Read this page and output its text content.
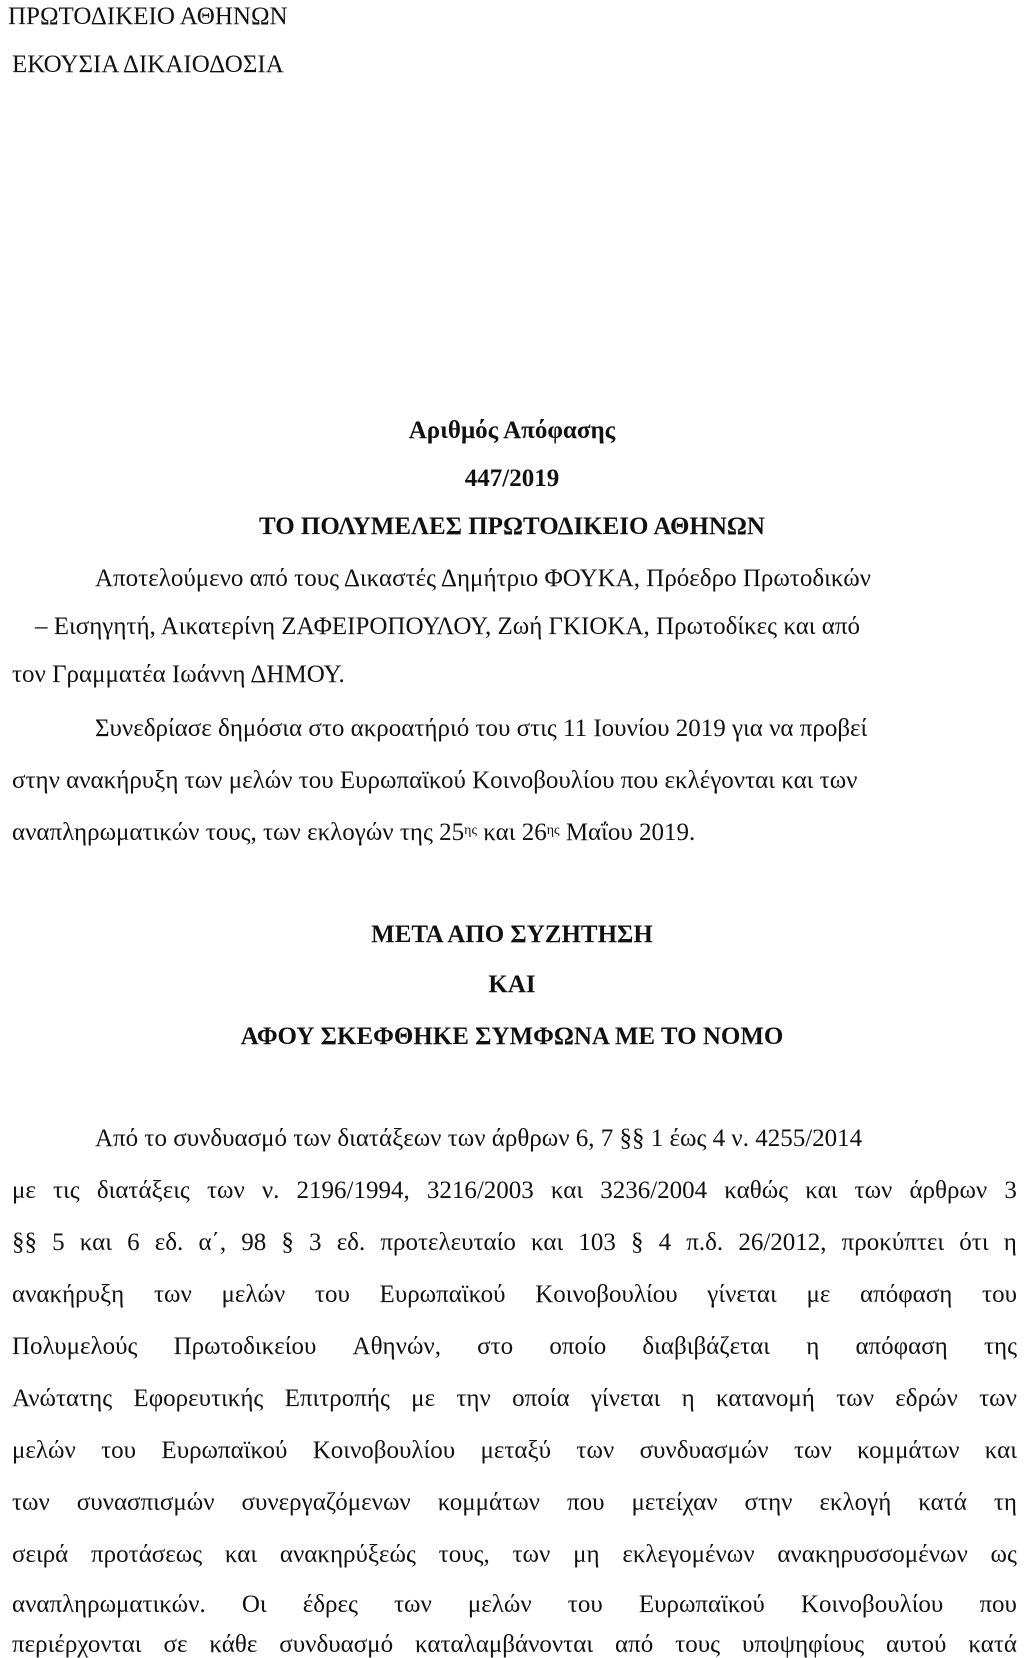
ΠΡΩΤΟΔΙΚΕΙΟ ΑΘΗΝΩΝ
ΕΚΟΥΣΙΑ ΔΙΚΑΙΟΔΟΣΙΑ
Αριθμός Απόφασης
447/2019
ΤΟ ΠΟΛΥΜΕΛΕΣ ΠΡΩΤΟΔΙΚΕΙΟ ΑΘΗΝΩΝ
Αποτελούμενο από τους Δικαστές Δημήτριο ΦΟΥΚΑ, Πρόεδρο Πρωτοδικών
– Εισηγητή, Αικατερίνη ΖΑΦΕΙΡΟΠΟΥΛΟΥ, Ζωή ΓΚΙΟΚΑ, Πρωτοδίκες και από
τον Γραμματέα Ιωάννη ΔΗΜΟΥ.
Συνεδρίασε δημόσια στο ακροατήριό του στις 11 Ιουνίου 2019 για να προβεί
στην ανακήρυξη των μελών του Ευρωπαϊκού Κοινοβουλίου που εκλέγονται και των
αναπληρωματικών τους, των εκλογών της $25^{\eta\varsigma}$ και $26^{\eta\varsigma}$ Μαΐου 2019.
ΜΕΤΑ ΑΠΟ ΣΥΖΗΤΗΣΗ
ΚΑΙ
ΑΦΟΥ ΣΚΕΦΘΗΚΕ ΣΥΜΦΩΝΑ ΜΕ ΤΟ ΝΟΜΟ
Από το συνδυασμό των διατάξεων των άρθρων 6, 7 §§ 1 έως 4 ν. 4255/2014
με τις διατάξεις των ν. 2196/1994, 3216/2003 και 3236/2004 καθώς και των άρθρων 3
§§ 5 και 6 εδ. α΄, 98 § 3 εδ. προτελευταίο και 103 § 4 π.δ. 26/2012, προκύπτει ότι η
ανακήρυξη των μελών του Ευρωπαϊκού Κοινοβουλίου γίνεται με απόφαση του
Πολυμελούς Πρωτοδικείου Αθηνών, στο οποίο διαβιβάζεται η απόφαση της
Ανώτατης Εφορευτικής Επιτροπής με την οποία γίνεται η κατανομή των εδρών των
μελών του Ευρωπαϊκού Κοινοβουλίου μεταξύ των συνδυασμών των κομμάτων και
των συνασπισμών συνεργαζόμενων κομμάτων που μετείχαν στην εκλογή κατά τη
σειρά προτάσεως και ανακηρύξεώς τους, των μη εκλεγομένων ανακηρυσσομένων ως
αναπληρωματικών. Οι έδρες των μελών του Ευρωπαϊκού Κοινοβουλίου που
περιέρχονται σε κάθε συνδυασμό καταλαμβάνονται από τους υποψηφίους αυτού κατά
